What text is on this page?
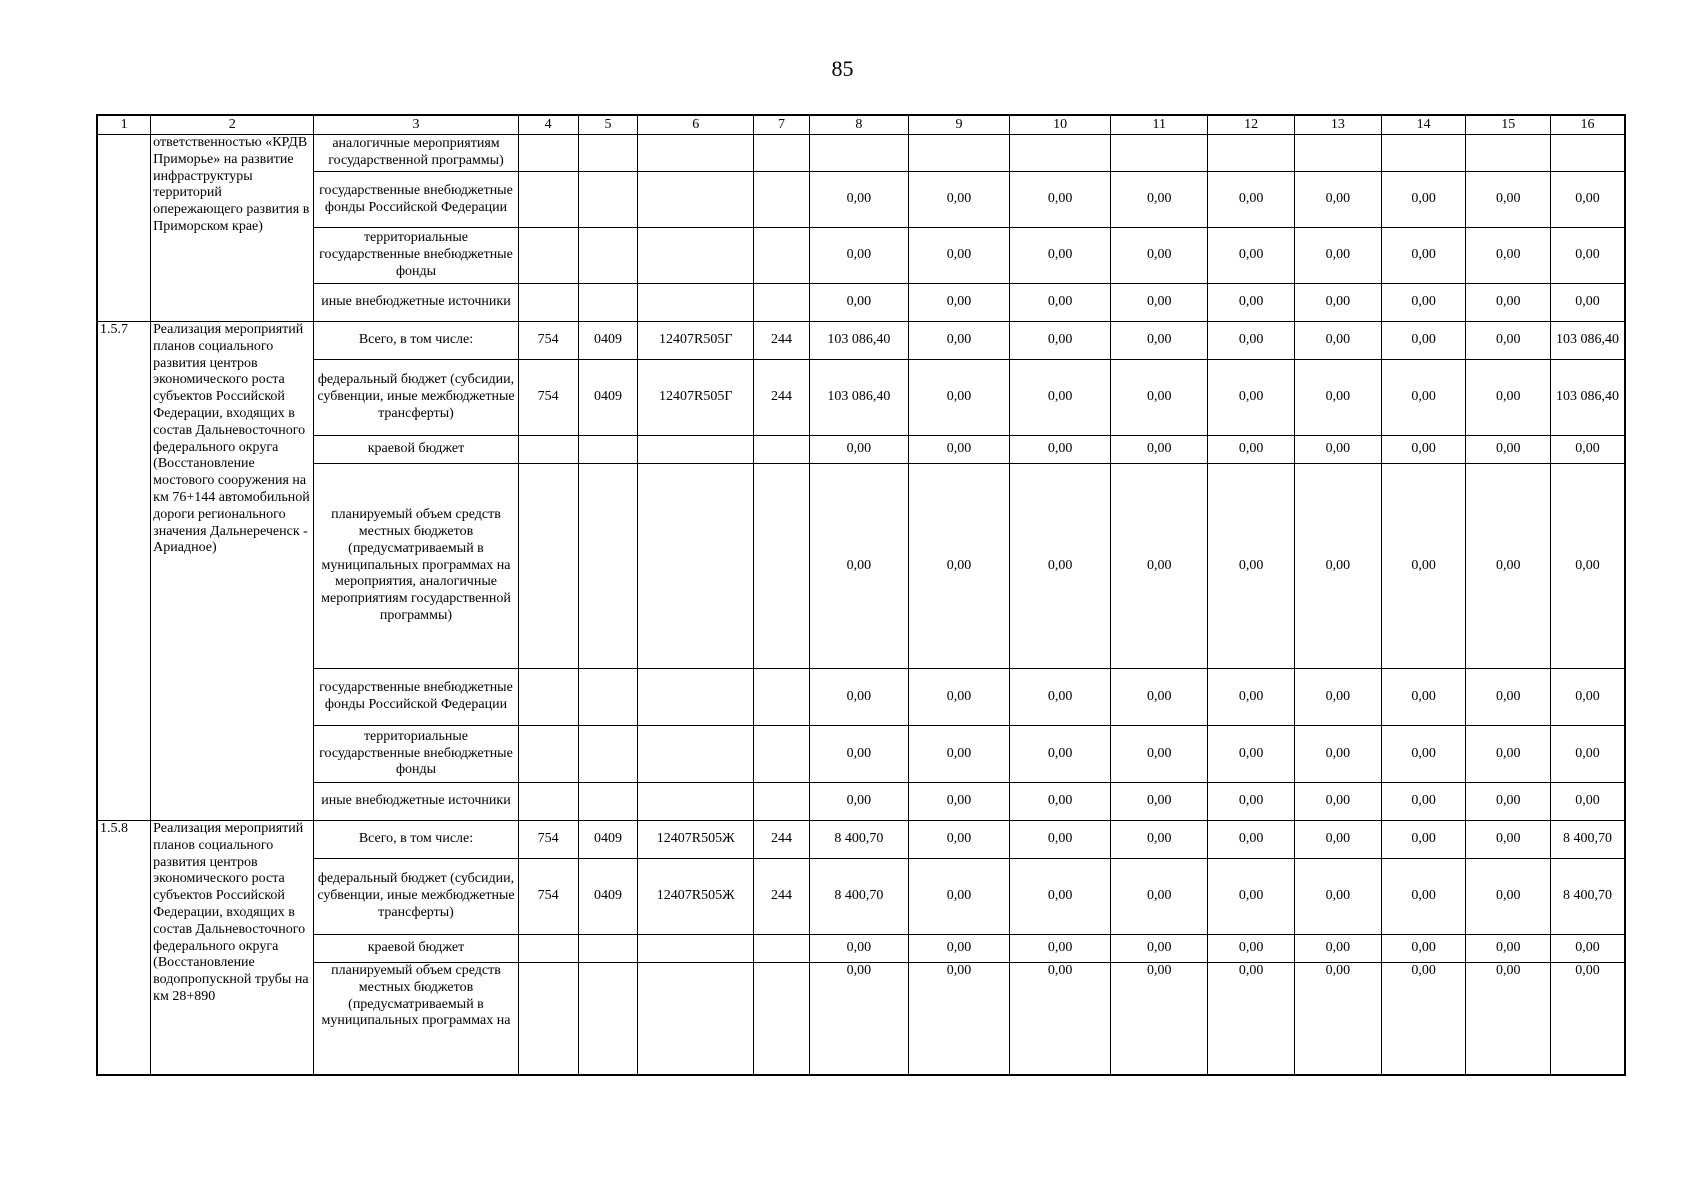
85
1	2	3	4	5	6	7	8	9	10	11	12	13	14	15	16
	ответственностью «КРДВ Приморье» на развитие инфраструктуры территорий опережающего развития в Приморском крае)	аналогичные мероприятиям государственной программы)													
		государственные внебюджетные фонды Российской Федерации					0,00	0,00	0,00	0,00	0,00	0,00	0,00	0,00	0,00
		территориальные государственные внебюджетные фонды					0,00	0,00	0,00	0,00	0,00	0,00	0,00	0,00	0,00
		иные внебюджетные источники					0,00	0,00	0,00	0,00	0,00	0,00	0,00	0,00	0,00
1.5.7	Реализация мероприятий планов социального развития центров экономического роста субъектов Российской Федерации, входящих в состав Дальневосточного федерального округа (Восстановление мостового сооружения на км 76+144 автомобильной дороги регионального значения Дальнереченск - Ариадное)	Всего, в том числе:	754	0409	12407R505Г	244	103 086,40	0,00	0,00	0,00	0,00	0,00	0,00	0,00	103 086,40
		федеральный бюджет (субсидии, субвенции, иные межбюджетные трансферты)	754	0409	12407R505Г	244	103 086,40	0,00	0,00	0,00	0,00	0,00	0,00	0,00	103 086,40
		краевой бюджет					0,00	0,00	0,00	0,00	0,00	0,00	0,00	0,00	0,00
		планируемый объем средств местных бюджетов (предусматриваемый в муниципальных программах на мероприятия, аналогичные мероприятиям государственной программы)					0,00	0,00	0,00	0,00	0,00	0,00	0,00	0,00	0,00
		государственные внебюджетные фонды Российской Федерации					0,00	0,00	0,00	0,00	0,00	0,00	0,00	0,00	0,00
		территориальные государственные внебюджетные фонды					0,00	0,00	0,00	0,00	0,00	0,00	0,00	0,00	0,00
		иные внебюджетные источники					0,00	0,00	0,00	0,00	0,00	0,00	0,00	0,00	0,00
1.5.8	Реализация мероприятий планов социального развития центров экономического роста субъектов Российской Федерации, входящих в состав Дальневосточного федерального округа (Восстановление водопропускной трубы на км 28+890	Всего, в том числе:	754	0409	12407R505Ж	244	8 400,70	0,00	0,00	0,00	0,00	0,00	0,00	0,00	8 400,70
		федеральный бюджет (субсидии, субвенции, иные межбюджетные трансферты)	754	0409	12407R505Ж	244	8 400,70	0,00	0,00	0,00	0,00	0,00	0,00	0,00	8 400,70
		краевой бюджет					0,00	0,00	0,00	0,00	0,00	0,00	0,00	0,00	0,00
		планируемый объем средств местных бюджетов (предусматриваемый в муниципальных программах на					0,00	0,00	0,00	0,00	0,00	0,00	0,00	0,00	0,00
